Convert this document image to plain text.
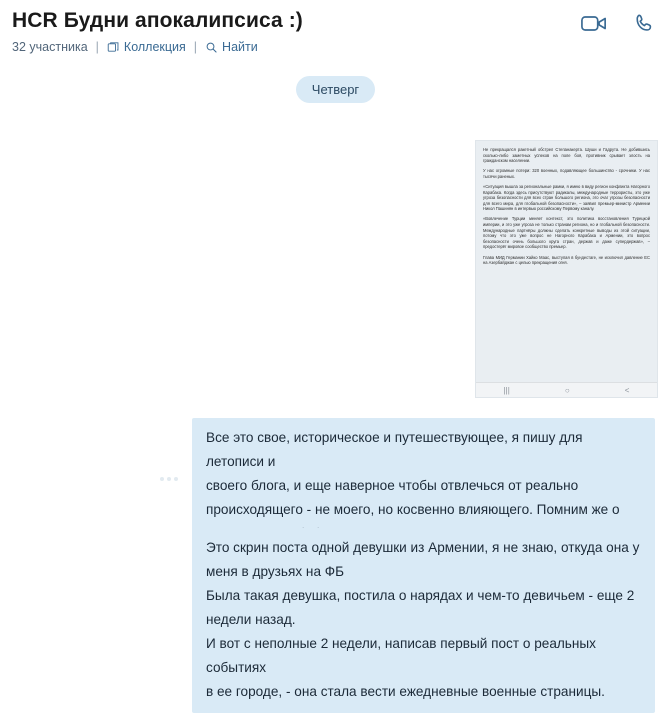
HCR Будни апокалипсиса :)
32 участника | Коллекция | Найти
Четверг

Не прекращался ракетный обстрел Степанакерта. Шуши и Гадрута. Не добившись сколько-либо заметных успехов на поле боя, противник срывает злость на гражданском населении.

У нас огромные потери: 320 военных, подавляющее большинство - срочники. У нас тысячи раненых.

«Ситуация вышла за региональные рамки, я имею в виду регион конфликта Нагорного Карабаха. Когда здесь присутствуют радикалы, международные террористы, это уже угроза безопасности для всех стран большого региона, это очаг угрозы безопасности для всего мира, для глобальной безопасности», – заявил премьер-министр Армении Никол Пашинян в интервью российскому Первому каналу.

«Вовлечение Турции меняет контекст, это политика восстановления Турецкой империи, и это уже угроза не только странам региона, но и глобальной безопасности. Международные партнёры должны сделать конкретные выводы из этой ситуации, потому что это уже вопрос не Нагорного Карабаха и Армении, это вопрос безопасности очень большого круга стран, держав и даже супердержав», – предостерёг мировое сообщество премьер.

Глава МИД Германии Хайко Маас, выступая в бундестаге, не исключил давление ЕС на Азербайджан с целью прекращения огня.

|||	○	<

Все это свое, историческое и путешествующее, я пишу для летописи и

своего блога, и еще наверное чтобы отвлечься от реально

происходящего - не моего, но косвенно влияющего. Помним же о

Это скрин поста одной девушки из Армении, я не знаю, откуда она у

меня в друзьях на ФБ

Была такая девушка, постила о нарядах и чем-то девичьем - еще 2

недели назад.

И вот с неполные 2 недели, написав первый пост о реальных событиях

в ее городе, - она стала вести ежедневные военные страницы.
